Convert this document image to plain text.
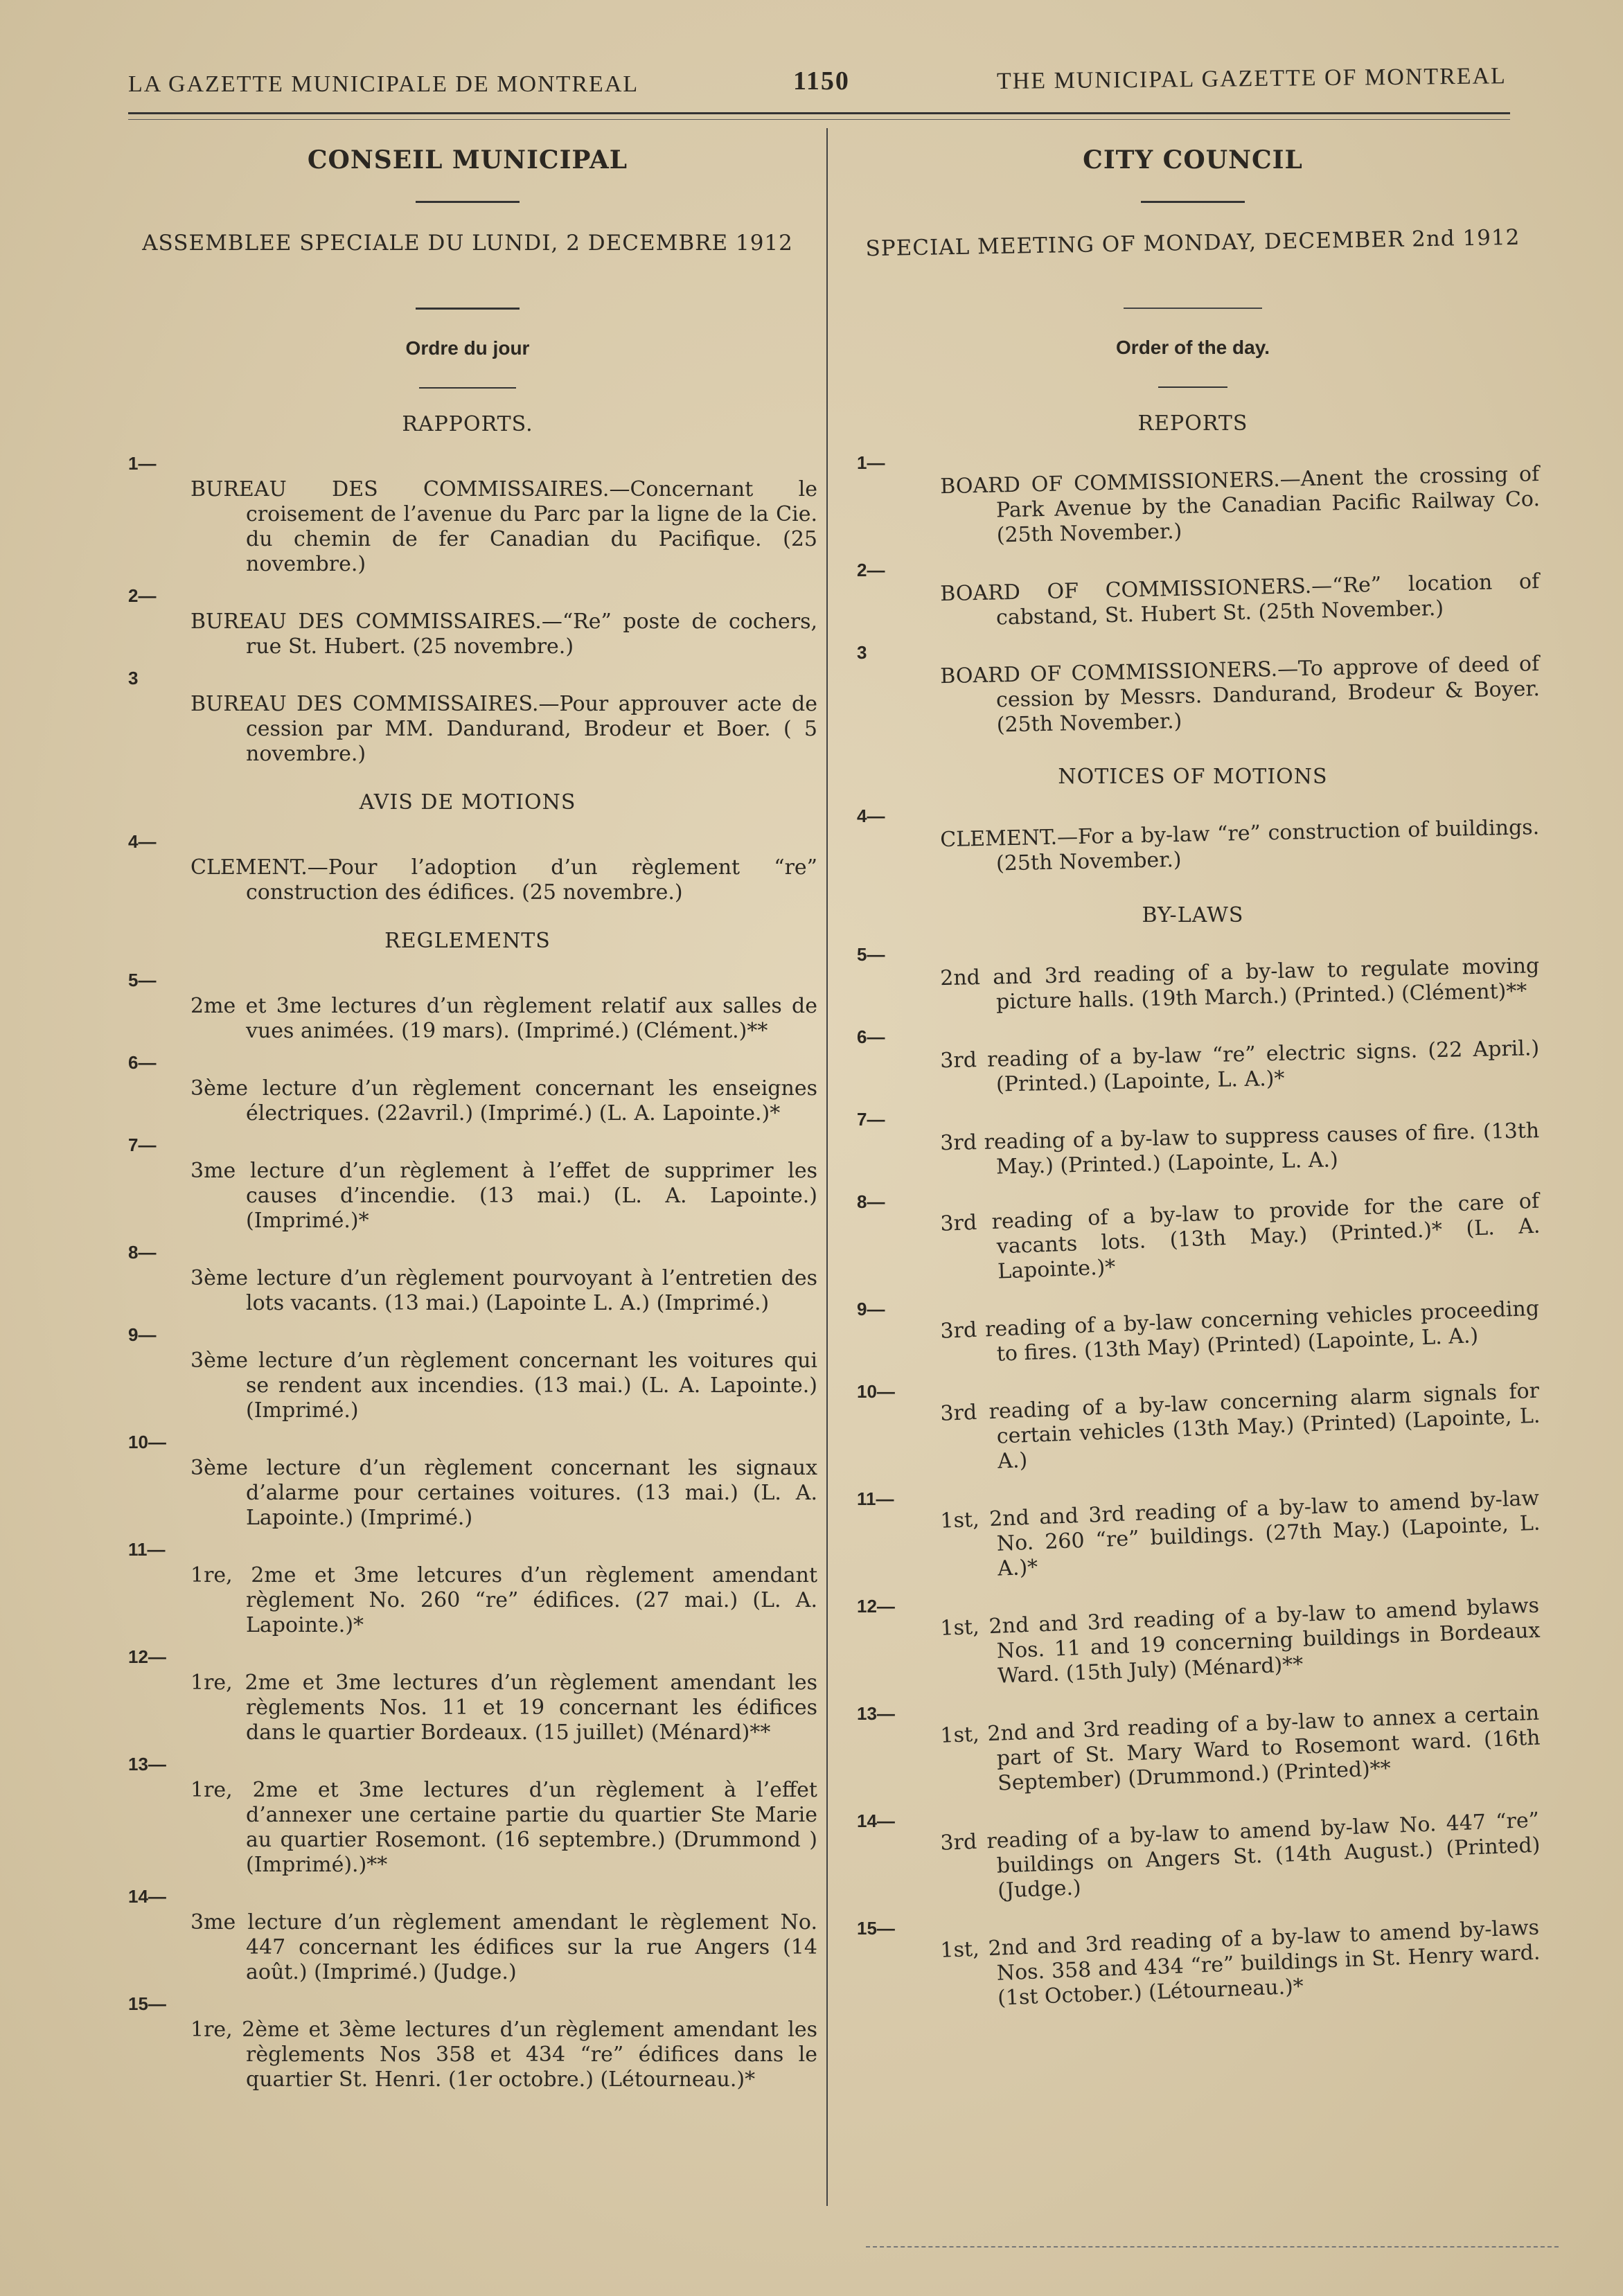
LA GAZETTE MUNICIPALE DE MONTREAL	1150	THE MUNICIPAL GAZETTE OF MONTREAL
CONSEIL MUNICIPAL
ASSEMBLEE SPECIALE DU LUNDI, 2 DECEMBRE 1912
Ordre du jour
RAPPORTS.
1—
BUREAU DES COMMISSAIRES.—Concernant le croisement de l’avenue du Parc par la ligne de la Cie. du chemin de fer Canadian du Pacifique. (25 novembre.)
2—
BUREAU DES COMMISSAIRES.—“Re” poste de cochers, rue St. Hubert. (25 novembre.)
3
BUREAU DES COMMISSAIRES.—Pour approuver acte de cession par MM. Dandurand, Brodeur et Boer. ( 5 novembre.)
AVIS DE MOTIONS
4—
CLEMENT.—Pour l’adoption d’un règlement “re” construction des édifices. (25 novembre.)
REGLEMENTS
5—
2me et 3me lectures d’un règlement relatif aux salles de vues animées. (19 mars). (Imprimé.) (Clément.)**
6—
3ème lecture d’un règlement concernant les enseignes électriques. (22avril.) (Imprimé.) (L. A. Lapointe.)*
7—
3me lecture d’un règlement à l’effet de supprimer les causes d’incendie. (13 mai.) (L. A. Lapointe.) (Imprimé.)*
8—
3ème lecture d’un règlement pourvoyant à l’entretien des lots vacants. (13 mai.) (Lapointe L. A.) (Imprimé.)
9—
3ème lecture d’un règlement concernant les voitures qui se rendent aux incendies. (13 mai.) (L. A. Lapointe.) (Imprimé.)
10—
3ème lecture d’un règlement concernant les signaux d’alarme pour certaines voitures. (13 mai.) (L. A. Lapointe.) (Imprimé.)
11—
1re, 2me et 3me letcures d’un règlement amendant règlement No. 260 “re” édifices. (27 mai.) (L. A. Lapointe.)*
12—
1re, 2me et 3me lectures d’un règlement amendant les règlements Nos. 11 et 19 concernant les édifices dans le quartier Bordeaux. (15 juillet) (Ménard)**
13—
1re, 2me et 3me lectures d’un règlement à l’effet d’annexer une certaine partie du quartier Ste Marie au quartier Rosemont. (16 septembre.) (Drummond ) (Imprimé).)**
14—
3me lecture d’un règlement amendant le règlement No. 447 concernant les édifices sur la rue Angers (14 août.) (Imprimé.) (Judge.)
15—
1re, 2ème et 3ème lectures d’un règlement amendant les règlements Nos 358 et 434 “re” édifices dans le quartier St. Henri. (1er octobre.) (Létourneau.)*
CITY COUNCIL
SPECIAL MEETING OF MONDAY, DECEMBER 2nd 1912
Order of the day.
REPORTS
1—	BOARD OF COMMISSIONERS.—Anent the crossing of Park Avenue by the Canadian Pacific Railway Co. (25th November.)
2—	BOARD OF COMMISSIONERS.—“Re” location of cabstand, St. Hubert St. (25th November.)
3	BOARD OF COMMISSIONERS.—To approve of deed of cession by Messrs. Dandurand, Brodeur & Boyer. (25th November.)
NOTICES OF MOTIONS
4—	CLEMENT.—For a by-law “re” construction of buildings. (25th November.)
BY-LAWS
5—	2nd and 3rd reading of a by-law to regulate moving picture halls. (19th March.) (Printed.) (Clément)**
6—	3rd reading of a by-law “re” electric signs. (22 April.) (Printed.) (Lapointe, L. A.)*
7—	3rd reading of a by-law to suppress causes of fire. (13th May.) (Printed.) (Lapointe, L. A.)
8—	3rd reading of a by-law to provide for the care of vacants lots. (13th May.) (Printed.)* (L. A. Lapointe.)*
9—	3rd reading of a by-law concerning vehicles proceeding to fires. (13th May) (Printed) (Lapointe, L. A.)
10—	3rd reading of a by-law concerning alarm signals for certain vehicles (13th May.) (Printed) (Lapointe, L. A.)
11—	1st, 2nd and 3rd reading of a by-law to amend by-law No. 260 “re” buildings. (27th May.) (Lapointe, L. A.)*
12—	1st, 2nd and 3rd reading of a by-law to amend bylaws Nos. 11 and 19 concerning buildings in Bordeaux Ward. (15th July) (Ménard)**
13—	1st, 2nd and 3rd reading of a by-law to annex a certain part of St. Mary Ward to Rosemont ward. (16th September) (Drummond.) (Printed)**
14—	3rd reading of a by-law to amend by-law No. 447 “re” buildings on Angers St. (14th August.) (Printed) (Judge.)
15—	1st, 2nd and 3rd reading of a by-law to amend by-laws Nos. 358 and 434 “re” buildings in St. Henry ward. (1st October.) (Létourneau.)*
